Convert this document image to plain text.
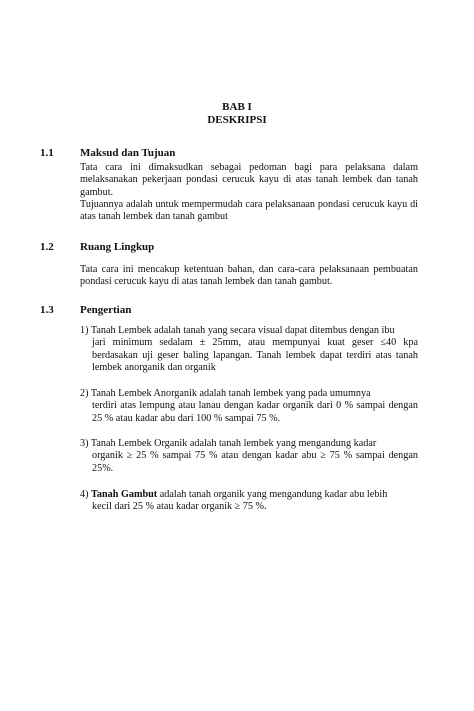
BAB I
DESKRIPSI
1.1 Maksud dan Tujuan

Tata cara ini dimaksudkan sebagai pedoman bagi para pelaksana dalam melaksanakan pekerjaan pondasi cerucuk kayu di atas tanah lembek dan tanah gambut.

Tujuannya adalah untuk mempermudah cara pelaksanaan pondasi cerucuk kayu di atas tanah lembek dan tanah gambut

1.2 Ruang Lingkup

Tata cara ini mencakup ketentuan bahan, dan cara-cara pelaksanaan pembuatan pondasi cerucuk kayu di atas tanah lembek dan tanah gambut.

1.3 Pengertian
1) Tanah Lembek adalah tanah yang secara visual dapat ditembus dengan ibu
jari minimum sedalam ± 25mm, atau mempunyai kuat geser ≤40 kpa berdasakan uji geser baling lapangan. Tanah lembek dapat terdiri atas tanah lembek anorganik dan organik
2) Tanah Lembek Anorganik adalah tanah lembek yang pada umumnya
terdiri atas lempung atau lanau dengan kadar organik dari 0 % sampai dengan 25 % atau kadar abu dari 100 % sampai 75 %.
3) Tanah Lembek Organik adalah tanah lembek yang mengandung kadar
organik ≥ 25 % sampai 75 % atau dengan kadar abu ≥ 75 % sampai dengan 25%.
4) Tanah Gambut adalah tanah organik yang mengandung kadar abu lebih
kecil dari 25 % atau kadar organik ≥ 75 %.
